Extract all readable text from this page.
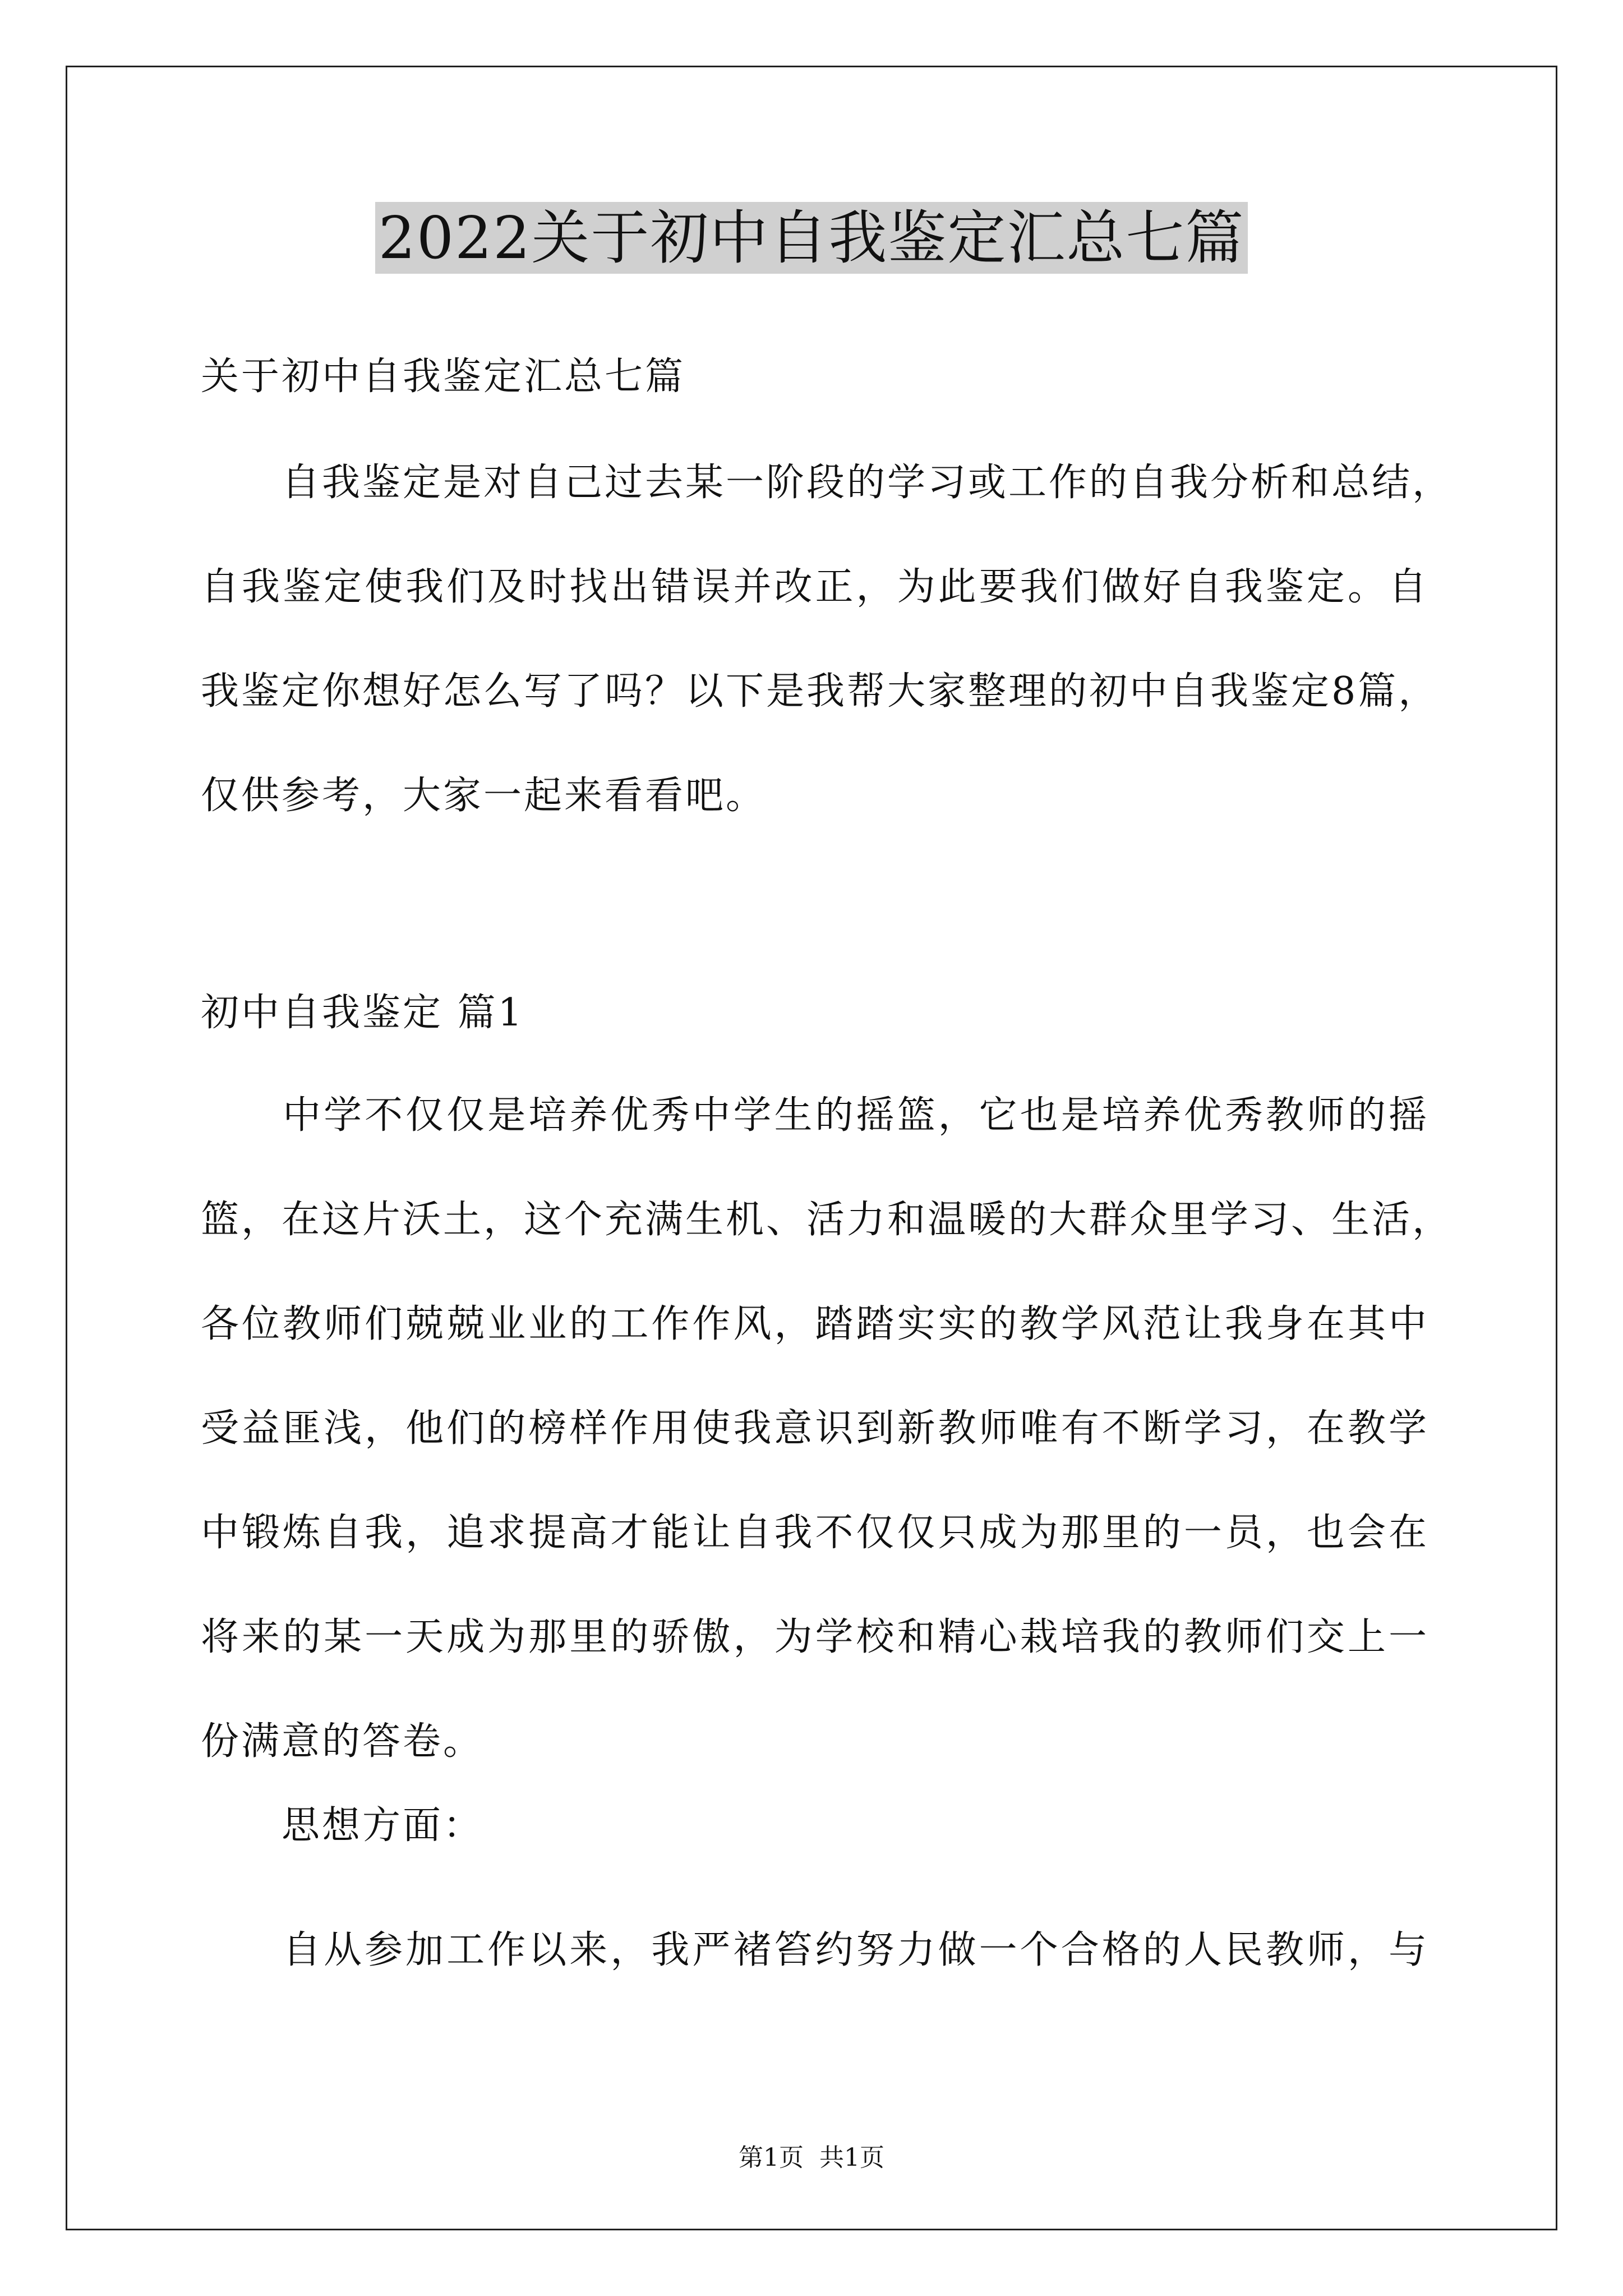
2022关于初中自我鉴定汇总七篇
关于初中自我鉴定汇总七篇
　　自我鉴定是对自己过去某一阶段的学习或工作的自我分析和总结，
自我鉴定使我们及时找出错误并改正，为此要我们做好自我鉴定。自
我鉴定你想好怎么写了吗？以下是我帮大家整理的初中自我鉴定8篇，
仅供参考，大家一起来看看吧。
初中自我鉴定 篇1
　　中学不仅仅是培养优秀中学生的摇篮，它也是培养优秀教师的摇
篮，在这片沃土，这个充满生机、活力和温暖的大群众里学习、生活，
各位教师们兢兢业业的工作作风，踏踏实实的教学风范让我身在其中
受益匪浅，他们的榜样作用使我意识到新教师唯有不断学习，在教学
中锻炼自我，追求提高才能让自我不仅仅只成为那里的一员，也会在
将来的某一天成为那里的骄傲，为学校和精心栽培我的教师们交上一
份满意的答卷。
　　思想方面：
　　自从参加工作以来，我严褚笞约努力做一个合格的人民教师，与
第1页 共1页
